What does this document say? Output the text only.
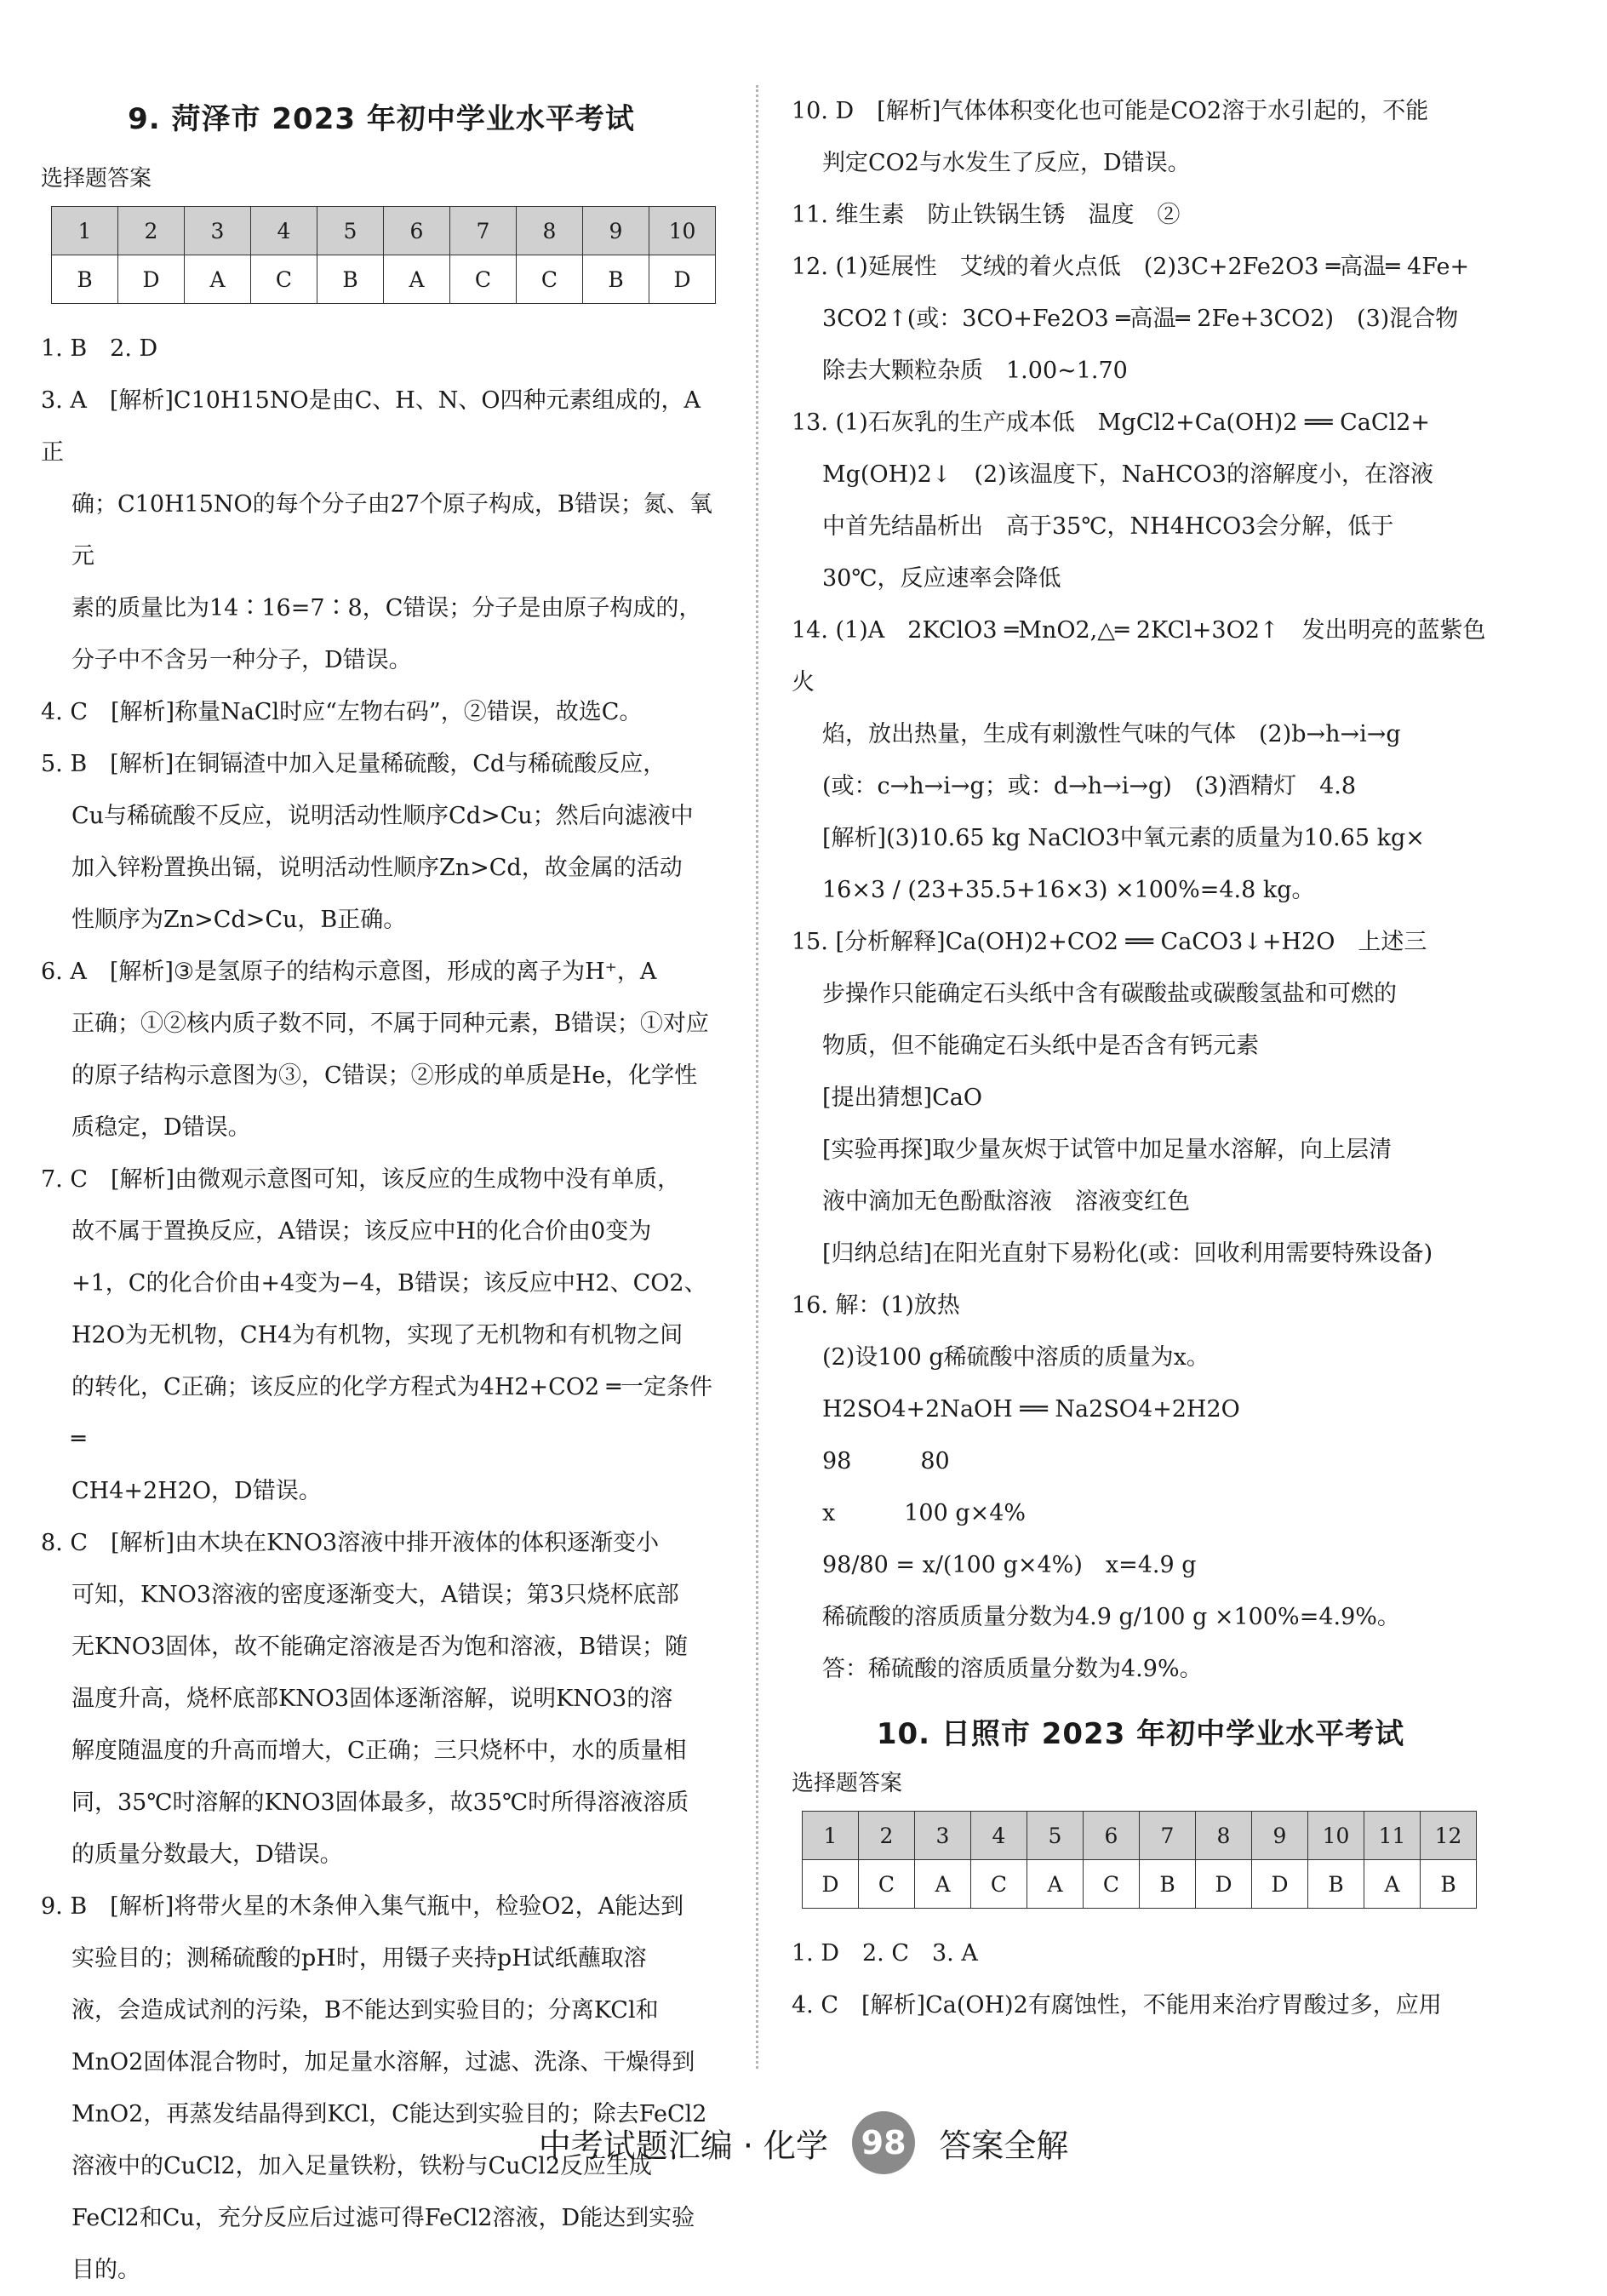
9. 菏泽市 2023 年初中学业水平考试

选择题答案

1	2	3	4	5	6	7	8	9	10
B	D	A	C	B	A	C	C	B	D

1. B　2. D

3. A　[解析]C10H15NO是由C、H、N、O四种元素组成的，A正

确；C10H15NO的每个分子由27个原子构成，B错误；氮、氧元

素的质量比为14∶16=7∶8，C错误；分子是由原子构成的，

分子中不含另一种分子，D错误。

4. C　[解析]称量NaCl时应“左物右码”，②错误，故选C。

5. B　[解析]在铜镉渣中加入足量稀硫酸，Cd与稀硫酸反应，

Cu与稀硫酸不反应，说明活动性顺序Cd>Cu；然后向滤液中

加入锌粉置换出镉，说明活动性顺序Zn>Cd，故金属的活动

性顺序为Zn>Cd>Cu，B正确。

6. A　[解析]③是氢原子的结构示意图，形成的离子为H⁺，A

正确；①②核内质子数不同，不属于同种元素，B错误；①对应

的原子结构示意图为③，C错误；②形成的单质是He，化学性

质稳定，D错误。

7. C　[解析]由微观示意图可知，该反应的生成物中没有单质，

故不属于置换反应，A错误；该反应中H的化合价由0变为

+1，C的化合价由+4变为−4，B错误；该反应中H2、CO2、

H2O为无机物，CH4为有机物，实现了无机物和有机物之间

的转化，C正确；该反应的化学方程式为4H2+CO2 ═一定条件═

CH4+2H2O，D错误。

8. C　[解析]由木块在KNO3溶液中排开液体的体积逐渐变小

可知，KNO3溶液的密度逐渐变大，A错误；第3只烧杯底部

无KNO3固体，故不能确定溶液是否为饱和溶液，B错误；随

温度升高，烧杯底部KNO3固体逐渐溶解，说明KNO3的溶

解度随温度的升高而增大，C正确；三只烧杯中，水的质量相

同，35℃时溶解的KNO3固体最多，故35℃时所得溶液溶质

的质量分数最大，D错误。

9. B　[解析]将带火星的木条伸入集气瓶中，检验O2，A能达到

实验目的；测稀硫酸的pH时，用镊子夹持pH试纸蘸取溶

液，会造成试剂的污染，B不能达到实验目的；分离KCl和

MnO2固体混合物时，加足量水溶解，过滤、洗涤、干燥得到

MnO2，再蒸发结晶得到KCl，C能达到实验目的；除去FeCl2

溶液中的CuCl2，加入足量铁粉，铁粉与CuCl2反应生成

FeCl2和Cu，充分反应后过滤可得FeCl2溶液，D能达到实验

目的。

10. D　[解析]气体体积变化也可能是CO2溶于水引起的，不能

判定CO2与水发生了反应，D错误。

11. 维生素　防止铁锅生锈　温度　②

12. (1)延展性　艾绒的着火点低　(2)3C+2Fe2O3 ═高温═ 4Fe+

3CO2↑(或：3CO+Fe2O3 ═高温═ 2Fe+3CO2)　(3)混合物

除去大颗粒杂质　1.00~1.70

13. (1)石灰乳的生产成本低　MgCl2+Ca(OH)2 ══ CaCl2+

Mg(OH)2↓　(2)该温度下，NaHCO3的溶解度小，在溶液

中首先结晶析出　高于35℃，NH4HCO3会分解，低于

30℃，反应速率会降低

14. (1)A　2KClO3 ═MnO2,△═ 2KCl+3O2↑　发出明亮的蓝紫色火

焰，放出热量，生成有刺激性气味的气体　(2)b→h→i→g

(或：c→h→i→g；或：d→h→i→g)　(3)酒精灯　4.8

[解析](3)10.65 kg NaClO3中氧元素的质量为10.65 kg×

16×3 / (23+35.5+16×3) ×100%=4.8 kg。

15. [分析解释]Ca(OH)2+CO2 ══ CaCO3↓+H2O　上述三

步操作只能确定石头纸中含有碳酸盐或碳酸氢盐和可燃的

物质，但不能确定石头纸中是否含有钙元素

[提出猜想]CaO

[实验再探]取少量灰烬于试管中加足量水溶解，向上层清

液中滴加无色酚酞溶液　溶液变红色

[归纳总结]在阳光直射下易粉化(或：回收利用需要特殊设备)

16. 解：(1)放热

(2)设100 g稀硫酸中溶质的质量为x。

H2SO4+2NaOH ══ Na2SO4+2H2O

98　　　80

x　　　100 g×4%

98/80 = x/(100 g×4%)　x=4.9 g

稀硫酸的溶质质量分数为4.9 g/100 g ×100%=4.9%。

答：稀硫酸的溶质质量分数为4.9%。

10. 日照市 2023 年初中学业水平考试

选择题答案

1	2	3	4	5	6	7	8	9	10	11	12
D	C	A	C	A	C	B	D	D	B	A	B

1. D　2. C　3. A

4. C　[解析]Ca(OH)2有腐蚀性，不能用来治疗胃酸过多，应用

中考试题汇编 · 化学 98 答案全解
